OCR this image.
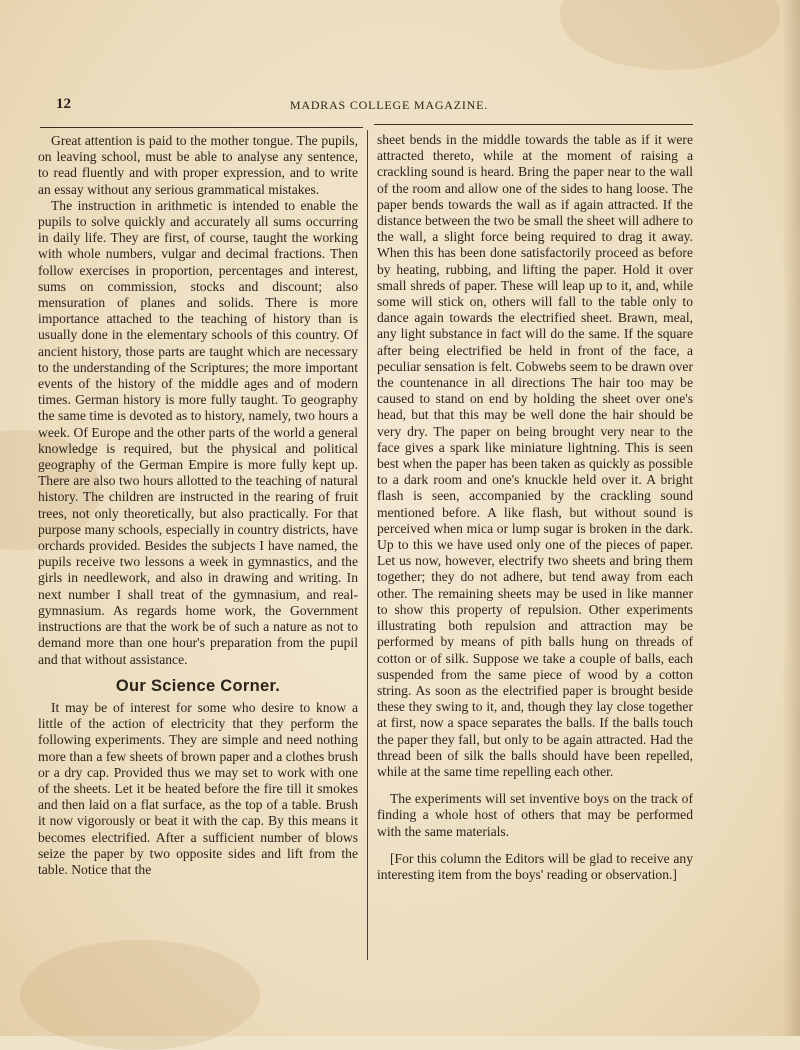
12	MADRAS COLLEGE MAGAZINE.

Great attention is paid to the mother tongue. The pupils, on leaving school, must be able to analyse any sentence, to read fluently and with proper expression, and to write an essay without any serious grammatical mistakes.

The instruction in arithmetic is intended to enable the pupils to solve quickly and accurately all sums occurring in daily life. They are first, of course, taught the working with whole numbers, vulgar and decimal fractions. Then follow exercises in proportion, percentages and interest, sums on commission, stocks and discount; also mensuration of planes and solids. There is more importance attached to the teaching of history than is usually done in the elementary schools of this country. Of ancient history, those parts are taught which are necessary to the understanding of the Scriptures; the more important events of the history of the middle ages and of modern times. German history is more fully taught. To geography the same time is devoted as to history, namely, two hours a week. Of Europe and the other parts of the world a general knowledge is required, but the physical and political geography of the German Empire is more fully kept up. There are also two hours allotted to the teaching of natural history. The children are instructed in the rearing of fruit trees, not only theoretically, but also practically. For that purpose many schools, especially in country districts, have orchards provided. Besides the subjects I have named, the pupils receive two lessons a week in gymnastics, and the girls in needlework, and also in drawing and writing. In next number I shall treat of the gymnasium, and real-gymnasium. As regards home work, the Government instructions are that the work be of such a nature as not to demand more than one hour's preparation from the pupil and that without assistance.

Our Science Corner.

It may be of interest for some who desire to know a little of the action of electricity that they perform the following experiments. They are simple and need nothing more than a few sheets of brown paper and a clothes brush or a dry cap. Provided thus we may set to work with one of the sheets. Let it be heated before the fire till it smokes and then laid on a flat surface, as the top of a table. Brush it now vigorously or beat it with the cap. By this means it becomes electrified. After a sufficient number of blows seize the paper by two opposite sides and lift from the table. Notice that the

sheet bends in the middle towards the table as if it were attracted thereto, while at the moment of raising a crackling sound is heard. Bring the paper near to the wall of the room and allow one of the sides to hang loose. The paper bends towards the wall as if again attracted. If the distance between the two be small the sheet will adhere to the wall, a slight force being required to drag it away. When this has been done satisfactorily proceed as before by heating, rubbing, and lifting the paper. Hold it over small shreds of paper. These will leap up to it, and, while some will stick on, others will fall to the table only to dance again towards the electrified sheet. Brawn, meal, any light substance in fact will do the same. If the square after being electrified be held in front of the face, a peculiar sensation is felt. Cobwebs seem to be drawn over the countenance in all directions The hair too may be caused to stand on end by holding the sheet over one's head, but that this may be well done the hair should be very dry. The paper on being brought very near to the face gives a spark like miniature lightning. This is seen best when the paper has been taken as quickly as possible to a dark room and one's knuckle held over it. A bright flash is seen, accompanied by the crackling sound mentioned before. A like flash, but without sound is perceived when mica or lump sugar is broken in the dark. Up to this we have used only one of the pieces of paper. Let us now, however, electrify two sheets and bring them together; they do not adhere, but tend away from each other. The remaining sheets may be used in like manner to show this property of repulsion. Other experiments illustrating both repulsion and attraction may be performed by means of pith balls hung on threads of cotton or of silk. Suppose we take a couple of balls, each suspended from the same piece of wood by a cotton string. As soon as the electrified paper is brought beside these they swing to it, and, though they lay close together at first, now a space separates the balls. If the balls touch the paper they fall, but only to be again attracted. Had the thread been of silk the balls should have been repelled, while at the same time repelling each other.

The experiments will set inventive boys on the track of finding a whole host of others that may be performed with the same materials.

[For this column the Editors will be glad to receive any interesting item from the boys' reading or observation.]
